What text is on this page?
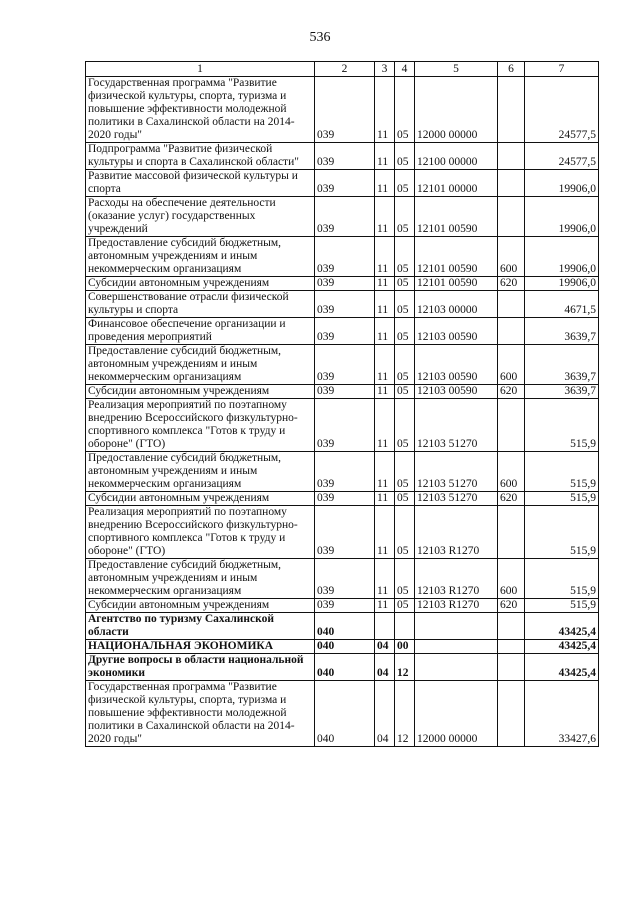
536
1	2	3	4	5	6	7
Государственная программа "Развитие физической культуры, спорта, туризма и повышение эффективности молодежной политики в Сахалинской области на 2014-2020 годы"	039	11	05	12000 00000		24577,5
Подпрограмма "Развитие физической культуры и спорта в Сахалинской области"	039	11	05	12100 00000		24577,5
Развитие массовой физической культуры и спорта	039	11	05	12101 00000		19906,0
Расходы на обеспечение деятельности (оказание услуг) государственных учреждений	039	11	05	12101 00590		19906,0
Предоставление субсидий бюджетным, автономным учреждениям и иным некоммерческим организациям	039	11	05	12101 00590	600	19906,0
Субсидии автономным учреждениям	039	11	05	12101 00590	620	19906,0
Совершенствование отрасли физической культуры и спорта	039	11	05	12103 00000		4671,5
Финансовое обеспечение организации и проведения мероприятий	039	11	05	12103 00590		3639,7
Предоставление субсидий бюджетным, автономным учреждениям и иным некоммерческим организациям	039	11	05	12103 00590	600	3639,7
Субсидии автономным учреждениям	039	11	05	12103 00590	620	3639,7
Реализация мероприятий по поэтапному внедрению Всероссийского физкультурно-спортивного комплекса "Готов к труду и обороне" (ГТО)	039	11	05	12103 51270		515,9
Предоставление субсидий бюджетным, автономным учреждениям и иным некоммерческим организациям	039	11	05	12103 51270	600	515,9
Субсидии автономным учреждениям	039	11	05	12103 51270	620	515,9
Реализация мероприятий по поэтапному внедрению Всероссийского физкультурно-спортивного комплекса "Готов к труду и обороне" (ГТО)	039	11	05	12103 R1270		515,9
Предоставление субсидий бюджетным, автономным учреждениям и иным некоммерческим организациям	039	11	05	12103 R1270	600	515,9
Субсидии автономным учреждениям	039	11	05	12103 R1270	620	515,9
Агентство по туризму Сахалинской области	040					43425,4
НАЦИОНАЛЬНАЯ ЭКОНОМИКА	040	04	00			43425,4
Другие вопросы в области национальной экономики	040	04	12			43425,4
Государственная программа "Развитие физической культуры, спорта, туризма и повышение эффективности молодежной политики в Сахалинской области на 2014-2020 годы"	040	04	12	12000 00000		33427,6
